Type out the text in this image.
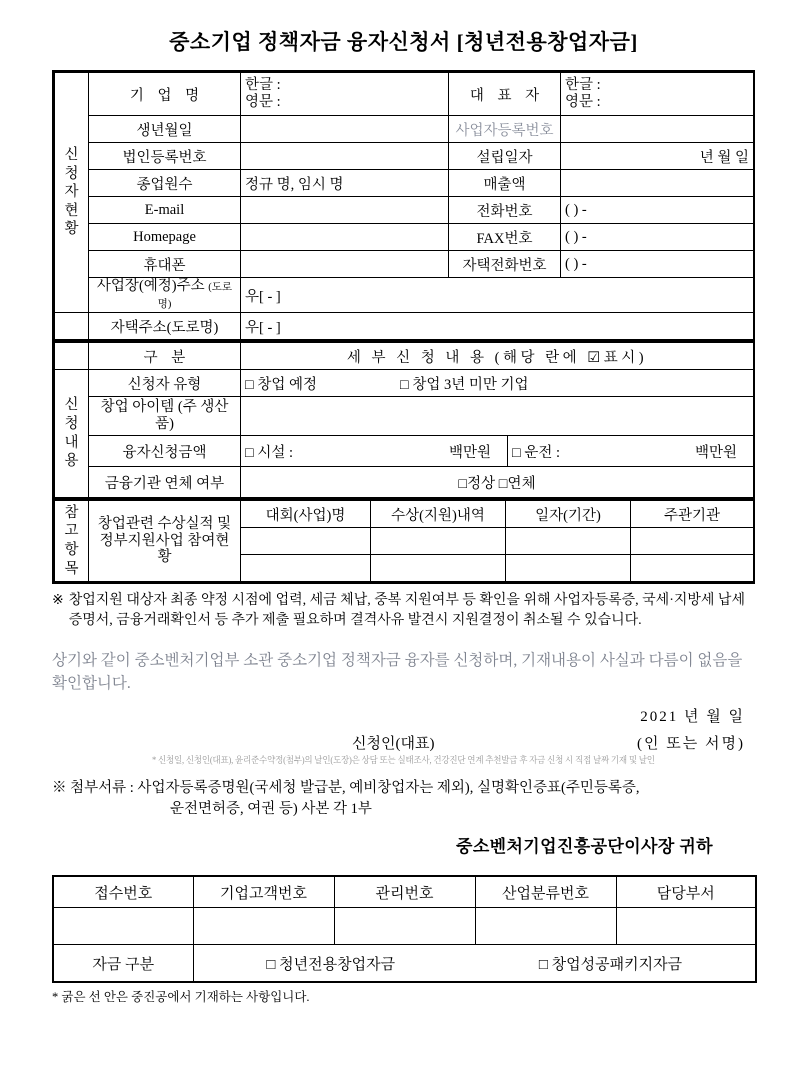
중소기업 정책자금 융자신청서 [청년전용창업자금]
신
청
자
현
황	기 업 명	한글 :
영문 :	대 표 자	한글 :
영문 :

	생년월일		사업자등록번호	
	법인등록번호		설립일자	년 월 일
	종업원수	정규 명, 임시 명	매출액	
	E-mail		전화번호	( ) -
	Homepage		FAX번호	( ) -
	휴대폰		자택전화번호	( ) -
	사업장(예정)주소 (도로명)	우[ - ]		
	자택주소(도로명)	우[ - ]		
	구 분	세 부 신 청 내 용 (해당 란에 ☑표시)	

신
청
내
용	신청자 유형	□ 창업 예정 □ 창업 3년 미만 기업	
	창업 아이템 (주 생산품)		
	융자신청금액	□ 시설 : 백만원	□ 운전 : 백만원

	금융기관 연체 여부	□정상 □연체	
참
고
항
목	창업관련 수상실적 및 정부지원사업 참여현황	대회(사업)명	수상(지원)내역	일자(기간)	주관기관

※ 창업지원 대상자 최종 약정 시점에 업력, 세금 체납, 중복 지원여부 등 확인을 위해 사업자등록증, 국세·지방세 납세증명서, 금융거래확인서 등 추가 제출 필요하며 결격사유 발견시 지원결정이 취소될 수 있습니다.
상기와 같이 중소벤처기업부 소관 중소기업 정책자금 융자를 신청하며, 기재내용이 사실과 다름이 없음을 확인합니다.
2021 년 월 일
신청인(대표)	(인 또는 서명)
* 신청일, 신청인(대표), 윤리준수약정(첨부)의 날인(도장)은 상담 또는 실태조사, 건강진단 연계 추천발급 후 자금 신청 시 직접 날짜 기재 및 날인
※ 첨부서류 : 사업자등록증명원(국세청 발급분, 예비창업자는 제외), 실명확인증표(주민등록증,
운전면허증, 여권 등) 사본 각 1부
중소벤처기업진흥공단이사장 귀하
접수번호	기업고객번호	관리번호	산업분류번호	담당부서

자금 구분	□ 청년전용창업자금 □ 창업성공패키지자금			
* 굵은 선 안은 중진공에서 기재하는 사항입니다.
